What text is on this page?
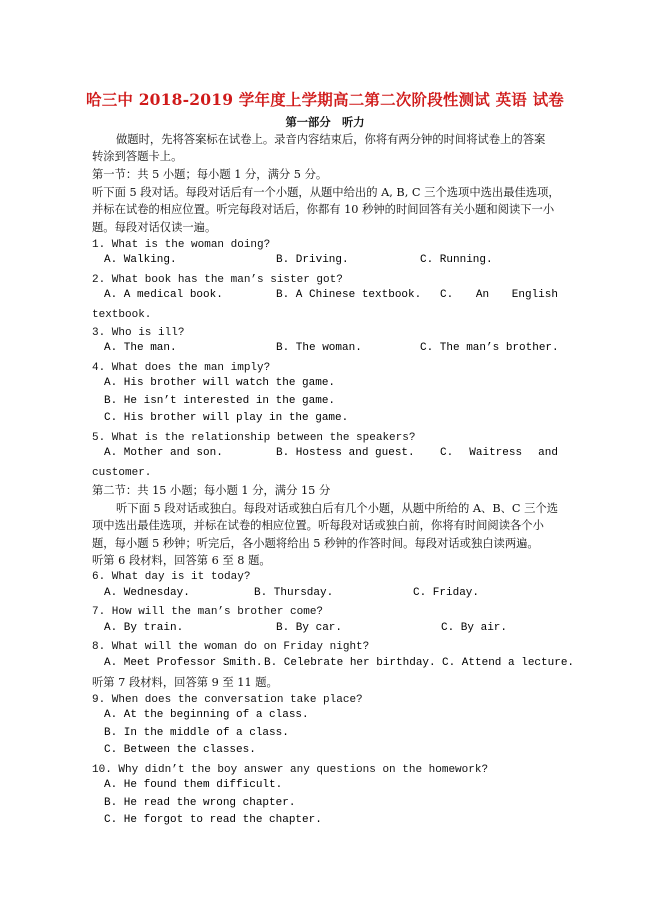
哈三中 2018-2019 学年度上学期高二第二次阶段性测试 英语 试卷
第一部分　听力
做题时，先将答案标在试卷上。录音内容结束后，你将有两分钟的时间将试卷上的答案
转涂到答题卡上。
第一节：共 5 小题；每小题 1 分，满分 5 分。
听下面 5 段对话。每段对话后有一个小题，从题中给出的 A, B, C 三个选项中选出最佳选项，
并标在试卷的相应位置。听完每段对话后，你都有 10 秒钟的时间回答有关小题和阅读下一小
题。每段对话仅读一遍。
1. What is the woman doing?
A. Walking.	B. Driving.	C. Running.
2. What book has the man’s sister got?
A. A medical book.	B. A Chinese textbook. C. An English
textbook.
3. Who is ill?
A. The man.	B. The woman.	C. The man’s brother.
4. What does the man imply?
A. His brother will watch the game.
B. He isn’t interested in the game.
C. His brother will play in the game.
5. What is the relationship between the speakers?
A. Mother and son.	B. Hostess and guest. C. Waitress and
customer.
第二节：共 15 小题；每小题 1 分，满分 15 分
听下面 5 段对话或独白。每段对话或独白后有几个小题，从题中所给的 A、B、C 三个选
项中选出最佳选项，并标在试卷的相应位置。听每段对话或独白前，你将有时间阅读各个小
题，每小题 5 秒钟；听完后，各小题将给出 5 秒钟的作答时间。每段对话或独白读两遍。
听第 6 段材料，回答第 6 至 8 题。
6. What day is it today?
A. Wednesday.	B. Thursday.	C. Friday.
7. How will the man’s brother come?
A. By train.	B. By car.	C. By air.
8. What will the woman do on Friday night?
A. Meet Professor Smith. B. Celebrate her birthday. C. Attend a lecture.
听第 7 段材料，回答第 9 至 11 题。
9. When does the conversation take place?
A. At the beginning of a class.
B. In the middle of a class.
C. Between the classes.
10. Why didn’t the boy answer any questions on the homework?
A. He found them difficult.
B. He read the wrong chapter.
C. He forgot to read the chapter.
